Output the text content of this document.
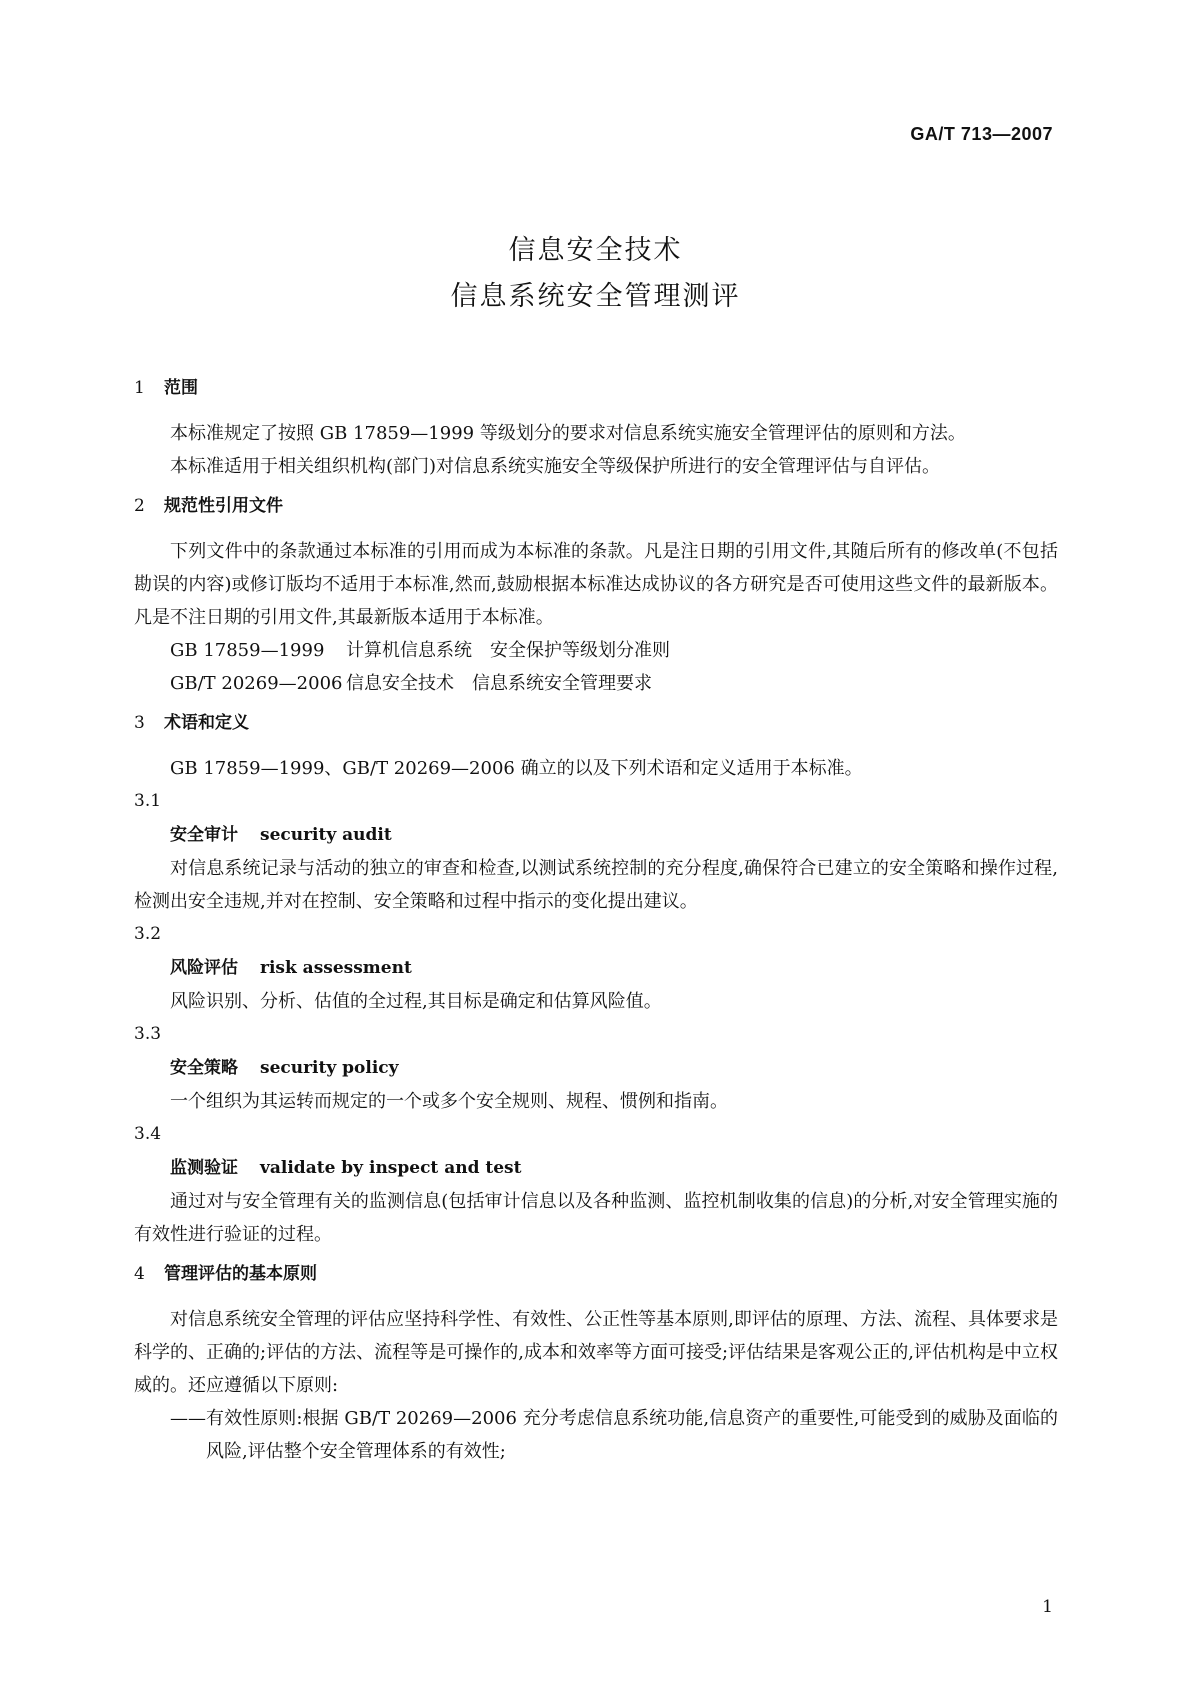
GA/T 713—2007
信息安全技术
信息系统安全管理测评

1 范围

本标准规定了按照 GB 17859—1999 等级划分的要求对信息系统实施安全管理评估的原则和方法。

本标准适用于相关组织机构(部门)对信息系统实施安全等级保护所进行的安全管理评估与自评估。

2 规范性引用文件

下列文件中的条款通过本标准的引用而成为本标准的条款。凡是注日期的引用文件,其随后所有的修改单(不包括勘误的内容)或修订版均不适用于本标准,然而,鼓励根据本标准达成协议的各方研究是否可使用这些文件的最新版本。凡是不注日期的引用文件,其最新版本适用于本标准。

GB 17859—1999 计算机信息系统　安全保护等级划分准则

GB/T 20269—2006 信息安全技术　信息系统安全管理要求

3 术语和定义

GB 17859—1999、GB/T 20269—2006 确立的以及下列术语和定义适用于本标准。

3.1

安全审计 security audit

对信息系统记录与活动的独立的审查和检查,以测试系统控制的充分程度,确保符合已建立的安全策略和操作过程,检测出安全违规,并对在控制、安全策略和过程中指示的变化提出建议。

3.2

风险评估 risk assessment

风险识别、分析、估值的全过程,其目标是确定和估算风险值。

3.3

安全策略 security policy

一个组织为其运转而规定的一个或多个安全规则、规程、惯例和指南。

3.4

监测验证 validate by inspect and test

通过对与安全管理有关的监测信息(包括审计信息以及各种监测、监控机制收集的信息)的分析,对安全管理实施的有效性进行验证的过程。

4 管理评估的基本原则

对信息系统安全管理的评估应坚持科学性、有效性、公正性等基本原则,即评估的原理、方法、流程、具体要求是科学的、正确的;评估的方法、流程等是可操作的,成本和效率等方面可接受;评估结果是客观公正的,评估机构是中立权威的。还应遵循以下原则:

——有效性原则:根据 GB/T 20269—2006 充分考虑信息系统功能,信息资产的重要性,可能受到的威胁及面临的风险,评估整个安全管理体系的有效性;

1
